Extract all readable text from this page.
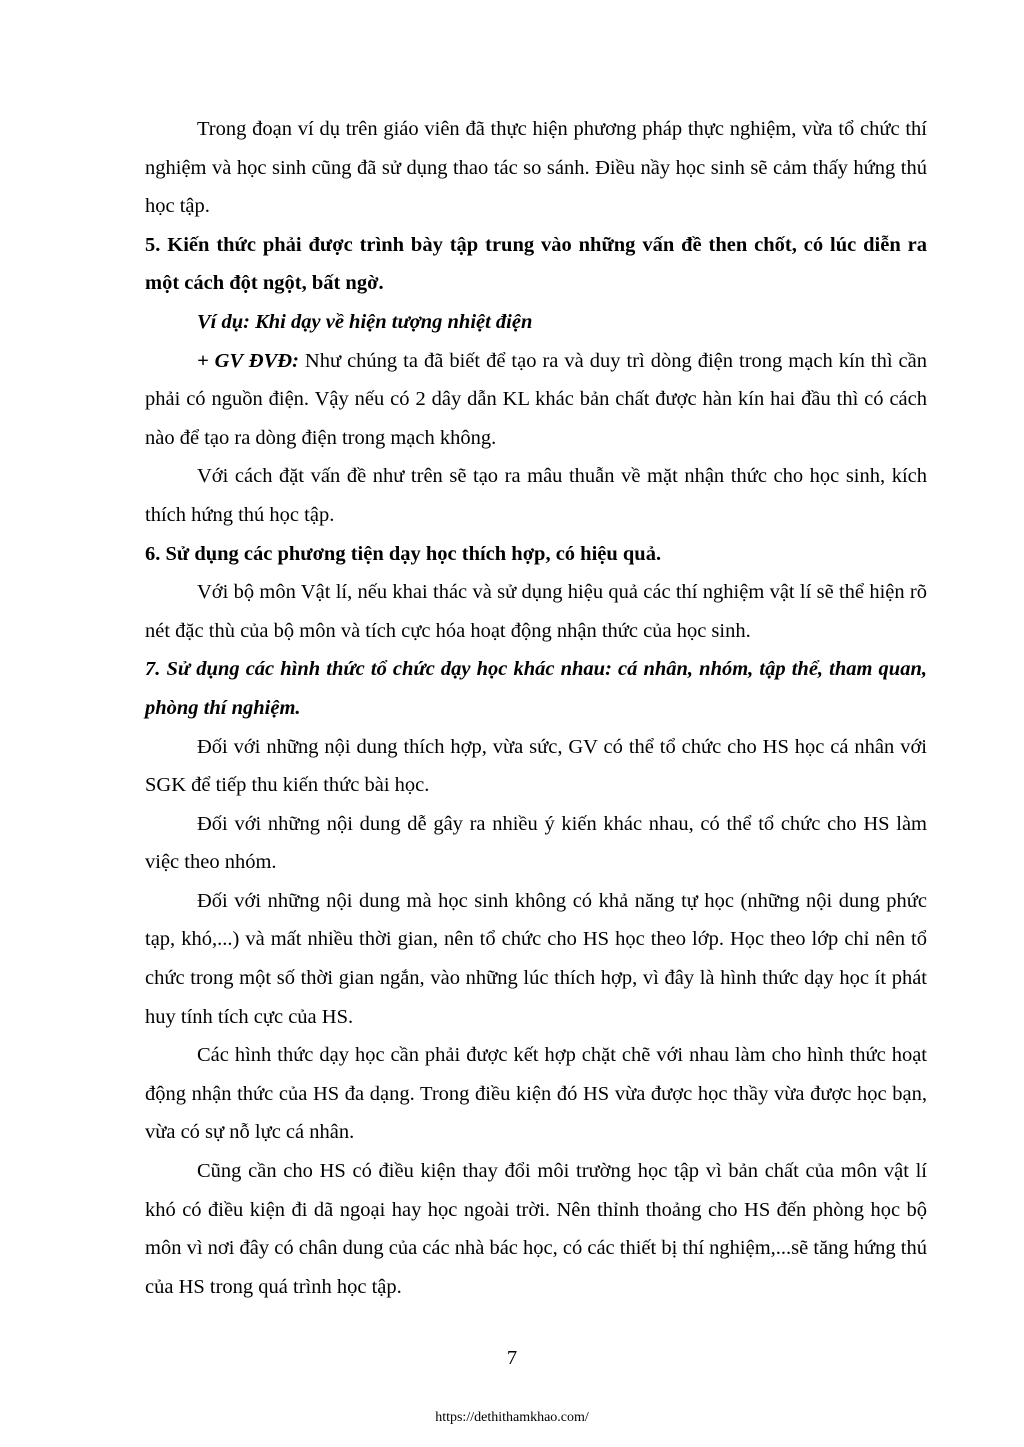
Trong đoạn ví dụ trên giáo viên đã thực hiện phương pháp thực nghiệm, vừa tổ chức thí nghiệm và học sinh cũng đã sử dụng thao tác so sánh. Điều nầy học sinh sẽ cảm thấy hứng thú học tập.

5. Kiến thức phải được trình bày tập trung vào những vấn đề then chốt, có lúc diễn ra một cách đột ngột, bất ngờ.

Ví dụ: Khi dạy về hiện tượng nhiệt điện

+ GV ĐVĐ: Như chúng ta đã biết để tạo ra và duy trì dòng điện trong mạch kín thì cần phải có nguồn điện. Vậy nếu có 2 dây dẫn KL khác bản chất được hàn kín hai đầu thì có cách nào để tạo ra dòng điện trong mạch không.

Với cách đặt vấn đề như trên sẽ tạo ra mâu thuẫn về mặt nhận thức cho học sinh, kích thích hứng thú học tập.

6. Sử dụng các phương tiện dạy học thích hợp, có hiệu quả.

Với bộ môn Vật lí, nếu khai thác và sử dụng hiệu quả các thí nghiệm vật lí sẽ thể hiện rõ nét đặc thù của bộ môn và tích cực hóa hoạt động nhận thức của học sinh.

7. Sử dụng các hình thức tổ chức dạy học khác nhau: cá nhân, nhóm, tập thể, tham quan, phòng thí nghiệm.

Đối với những nội dung thích hợp, vừa sức, GV có thể tổ chức cho HS học cá nhân với SGK để tiếp thu kiến thức bài học.

Đối với những nội dung dễ gây ra nhiều ý kiến khác nhau, có thể tổ chức cho HS làm việc theo nhóm.

Đối với những nội dung mà học sinh không có khả năng tự học (những nội dung phức tạp, khó,...) và mất nhiều thời gian, nên tổ chức cho HS học theo lớp. Học theo lớp chỉ nên tổ chức trong một số thời gian ngắn, vào những lúc thích hợp, vì đây là hình thức dạy học ít phát huy tính tích cực của HS.

Các hình thức dạy học cần phải được kết hợp chặt chẽ với nhau làm cho hình thức hoạt động nhận thức của HS đa dạng. Trong điều kiện đó HS vừa được học thầy vừa được học bạn, vừa có sự nỗ lực cá nhân.

Cũng cần cho HS có điều kiện thay đổi môi trường học tập vì bản chất của môn vật lí khó có điều kiện đi dã ngoại hay học ngoài trời. Nên thỉnh thoảng cho HS đến phòng học bộ môn vì nơi đây có chân dung của các nhà bác học, có các thiết bị thí nghiệm,...sẽ tăng hứng thú của HS trong quá trình học tập.

7
https://dethithamkhao.com/
